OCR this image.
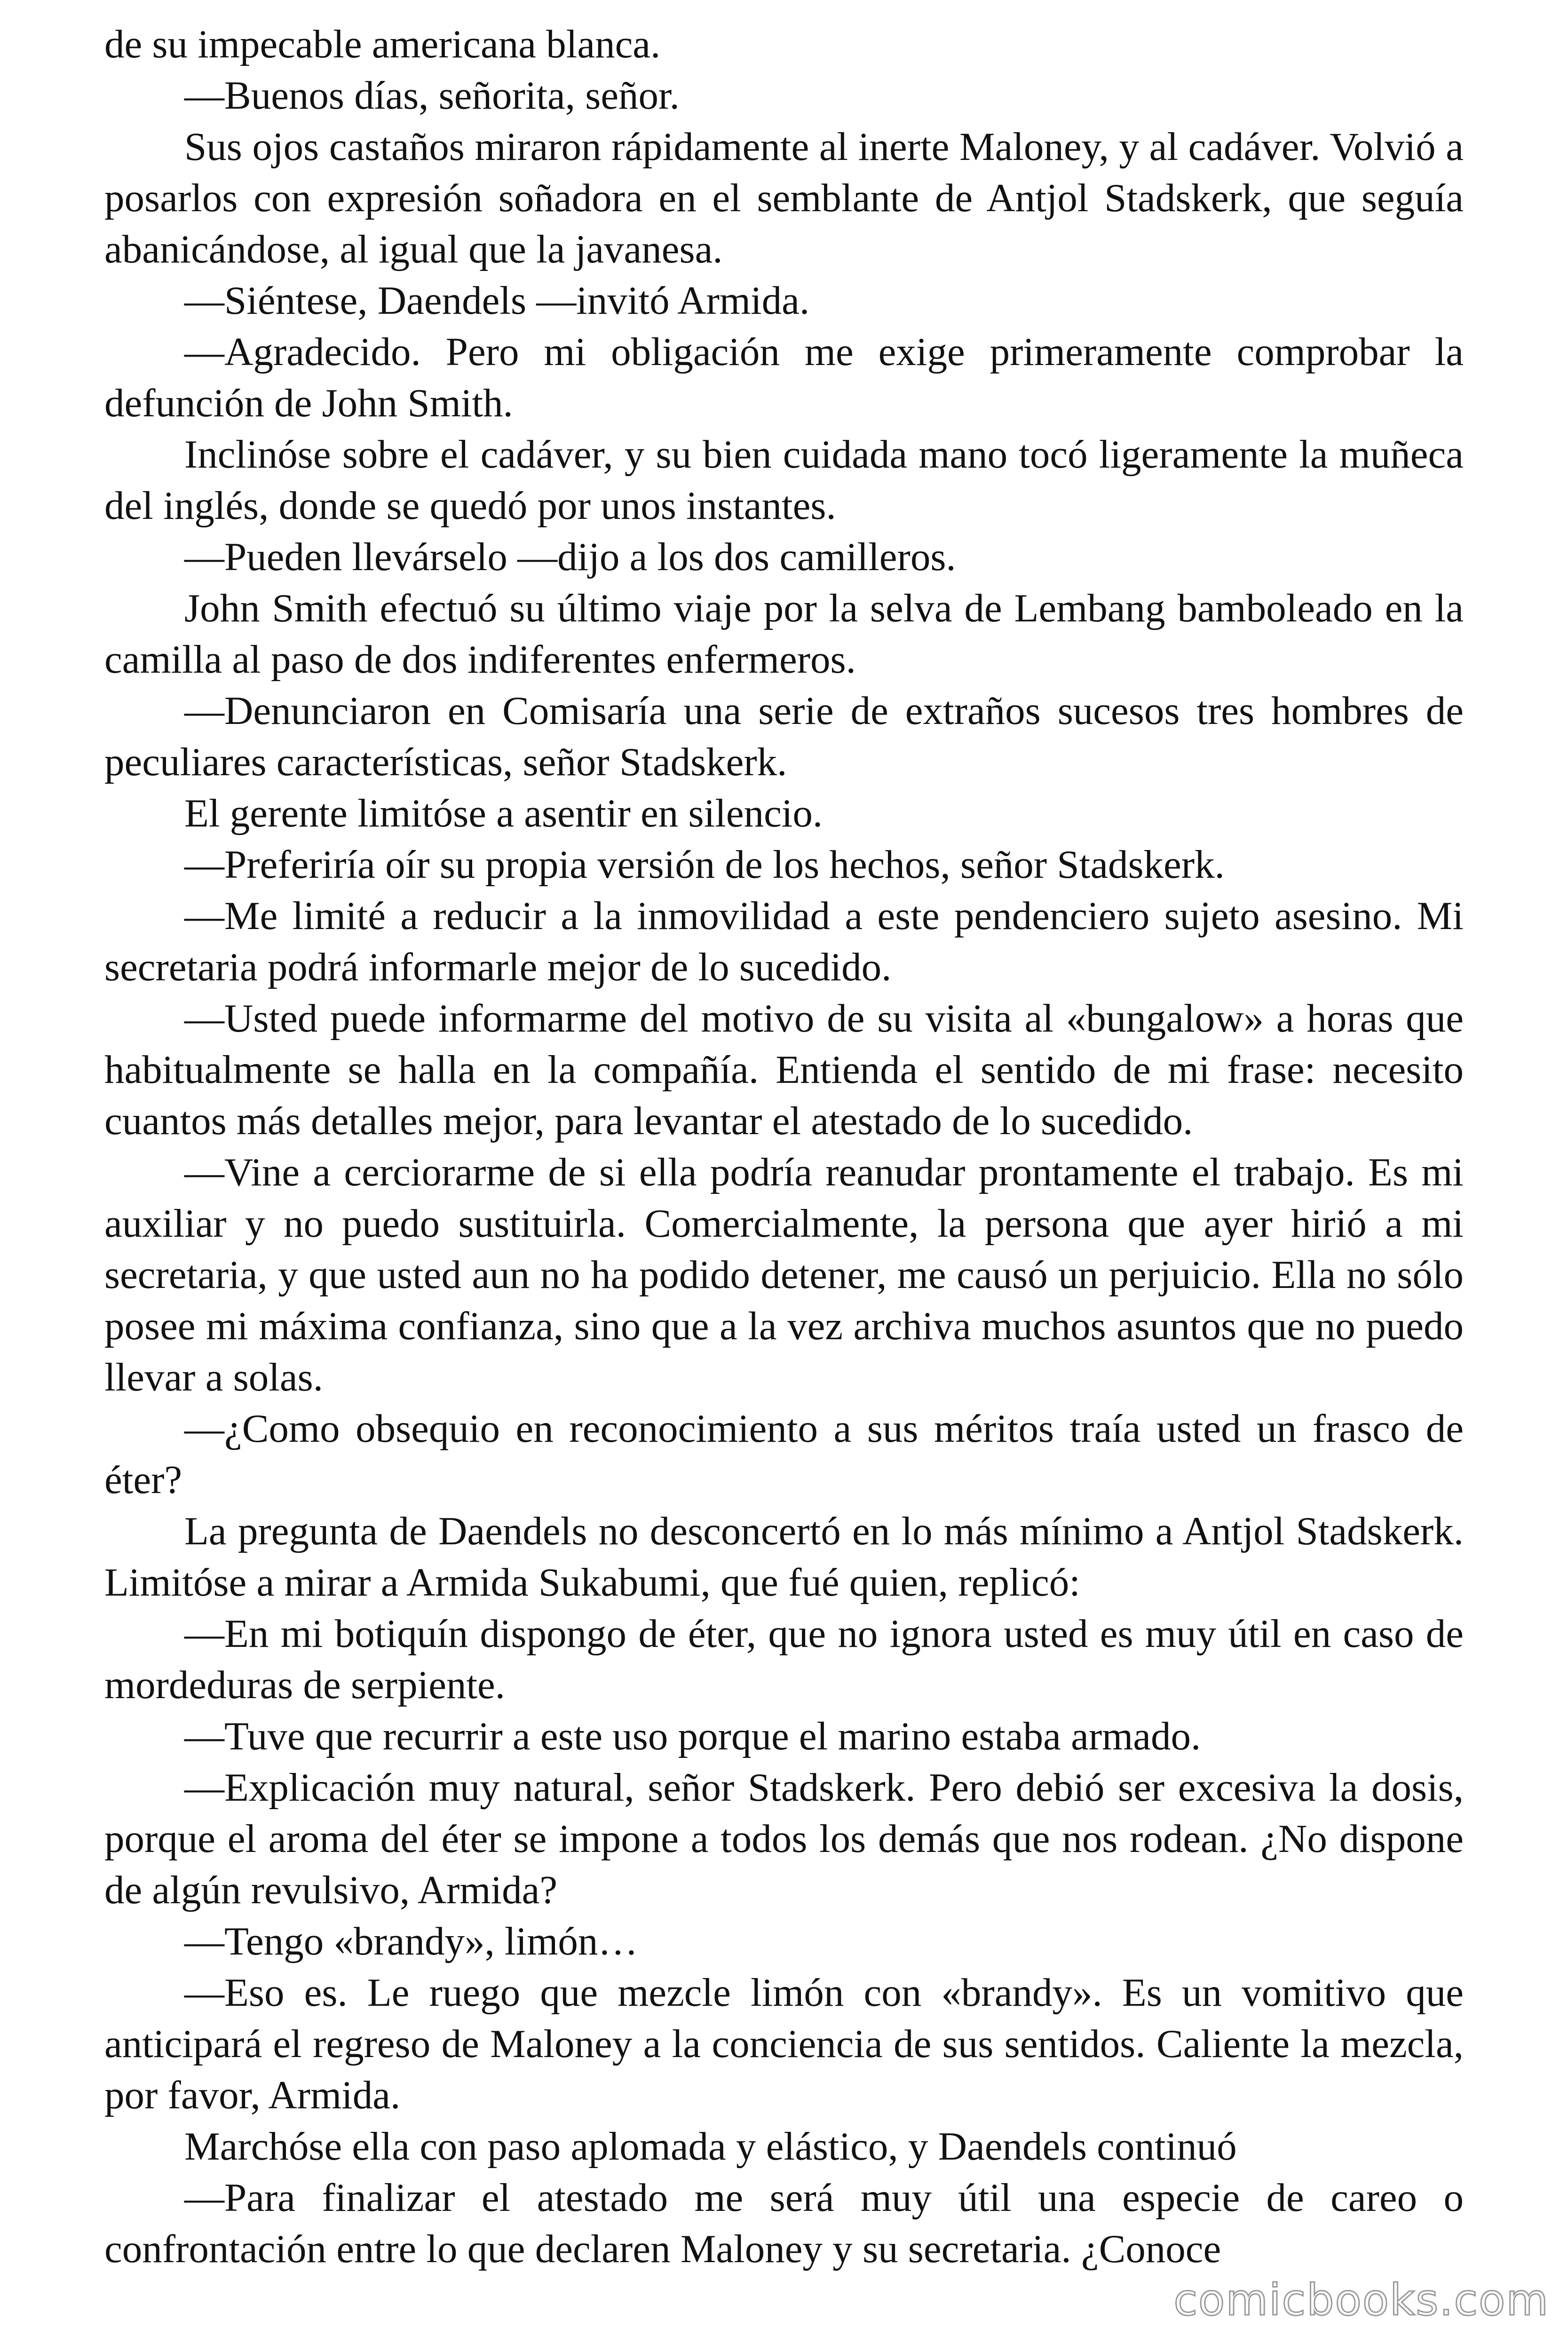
de su impecable americana blanca.

—Buenos días, señorita, señor.

Sus ojos castaños miraron rápidamente al inerte Maloney, y al cadáver. Volvió a posarlos con expresión soñadora en el semblante de Antjol Stadskerk, que seguía abanicándose, al igual que la javanesa.

—Siéntese, Daendels —invitó Armida.

—Agradecido. Pero mi obligación me exige primeramente comprobar la defunción de John Smith.

Inclinóse sobre el cadáver, y su bien cuidada mano tocó ligeramente la muñeca del inglés, donde se quedó por unos instantes.

—Pueden llevárselo —dijo a los dos camilleros.

John Smith efectuó su último viaje por la selva de Lembang bamboleado en la camilla al paso de dos indiferentes enfermeros.

—Denunciaron en Comisaría una serie de extraños sucesos tres hombres de peculiares características, señor Stadskerk.

El gerente limitóse a asentir en silencio.

—Preferiría oír su propia versión de los hechos, señor Stadskerk.

—Me limité a reducir a la inmovilidad a este pendenciero sujeto asesino. Mi secretaria podrá informarle mejor de lo sucedido.

—Usted puede informarme del motivo de su visita al «bungalow» a horas que habitualmente se halla en la compañía. Entienda el sentido de mi frase: necesito cuantos más detalles mejor, para levantar el atestado de lo sucedido.

—Vine a cerciorarme de si ella podría reanudar prontamente el trabajo. Es mi auxiliar y no puedo sustituirla. Comercialmente, la persona que ayer hirió a mi secretaria, y que usted aun no ha podido detener, me causó un perjuicio. Ella no sólo posee mi máxima confianza, sino que a la vez archiva muchos asuntos que no puedo llevar a solas.

—¿Como obsequio en reconocimiento a sus méritos traía usted un frasco de éter?

La pregunta de Daendels no desconcertó en lo más mínimo a Antjol Stadskerk. Limitóse a mirar a Armida Sukabumi, que fué quien, replicó:

—En mi botiquín dispongo de éter, que no ignora usted es muy útil en caso de mordeduras de serpiente.

—Tuve que recurrir a este uso porque el marino estaba armado.

—Explicación muy natural, señor Stadskerk. Pero debió ser excesiva la dosis, porque el aroma del éter se impone a todos los demás que nos rodean. ¿No dispone de algún revulsivo, Armida?

—Tengo «brandy», limón…

—Eso es. Le ruego que mezcle limón con «brandy». Es un vomitivo que anticipará el regreso de Maloney a la conciencia de sus sentidos. Caliente la mezcla, por favor, Armida.

Marchóse ella con paso aplomada y elástico, y Daendels continuó

—Para finalizar el atestado me será muy útil una especie de careo o confrontación entre lo que declaren Maloney y su secretaria. ¿Conoce

comicbooks.com
